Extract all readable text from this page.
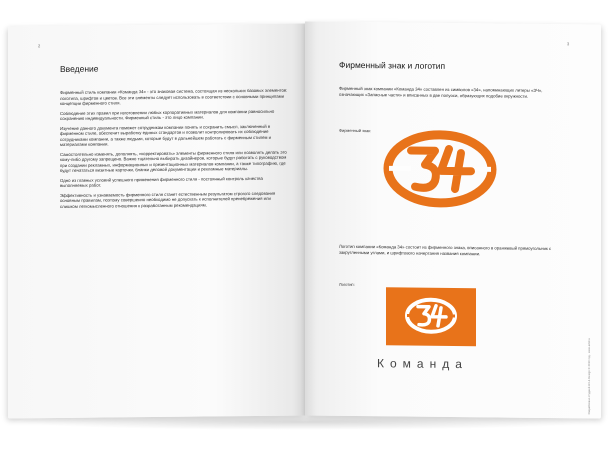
2
Введение

Фирменный стиль компании «Команда 34» - это знаковая система, состоящая из нескольких базовых элементов: логотипа, шрифтов и цветов. Все эти элементы следует использовать в соответствии с основными принципами концепции фирменного стиля.

Соблюдение этих правил при изготовлении любых корпоративных материалов для компании равносильно сохранению индивидуальности. Фирменный стиль - это лицо компании.

Изучение данного документа поможет сотрудникам компании понять и сохранить смысл, заключенный в фирменном стиле, обеспечит выработку единых стандартов и позволит контролировать их соблюдение сотрудниками компании, а также людьми, которые будут в дальнейшем работать с фирменным стилем и материалами компании.

Самостоятельно изменять, дополнять, «корректировать» элементы фирменного стиля или позволять делать это кому-либо другому запрещено. Важно тщательно выбирать дизайнеров, которые будут работать с руководством при создании рекламных, информационных и презентационных материалов компании, а также типографию, где будут печататься визитные карточки, бланки деловой документации и рекламные материалы.

Одно из главных условий успешного применения фирменного стиля - постоянный контроль качества выполняемых работ.

Эффективность и узнаваемость фирменного стиля станет естественным результатом строгого следования основным правилам, поэтому совершенно необходимо не допускать к исполнителей пренебрежения или слишком легкомысленного отношения к разработанным рекомендациям.

3
Фирменный знак и логотип
Фирменный знак компании «Команда 34» составлен из символов «34», напоминающих литеры «ЗЧ», означающих «Запасные части» и вписанных в две полуоси, образующих подобие окружности.
Фирменный знак:
Логотип компании «Команда 34» состоит из фирменного знака, вписанного в оранжевый прямоугольник с закругленными углами, и шрифтового начертания названия компании.
Логотип:
Команда	Разработано студией Art & Design © 2010 год · www.artd.ru
